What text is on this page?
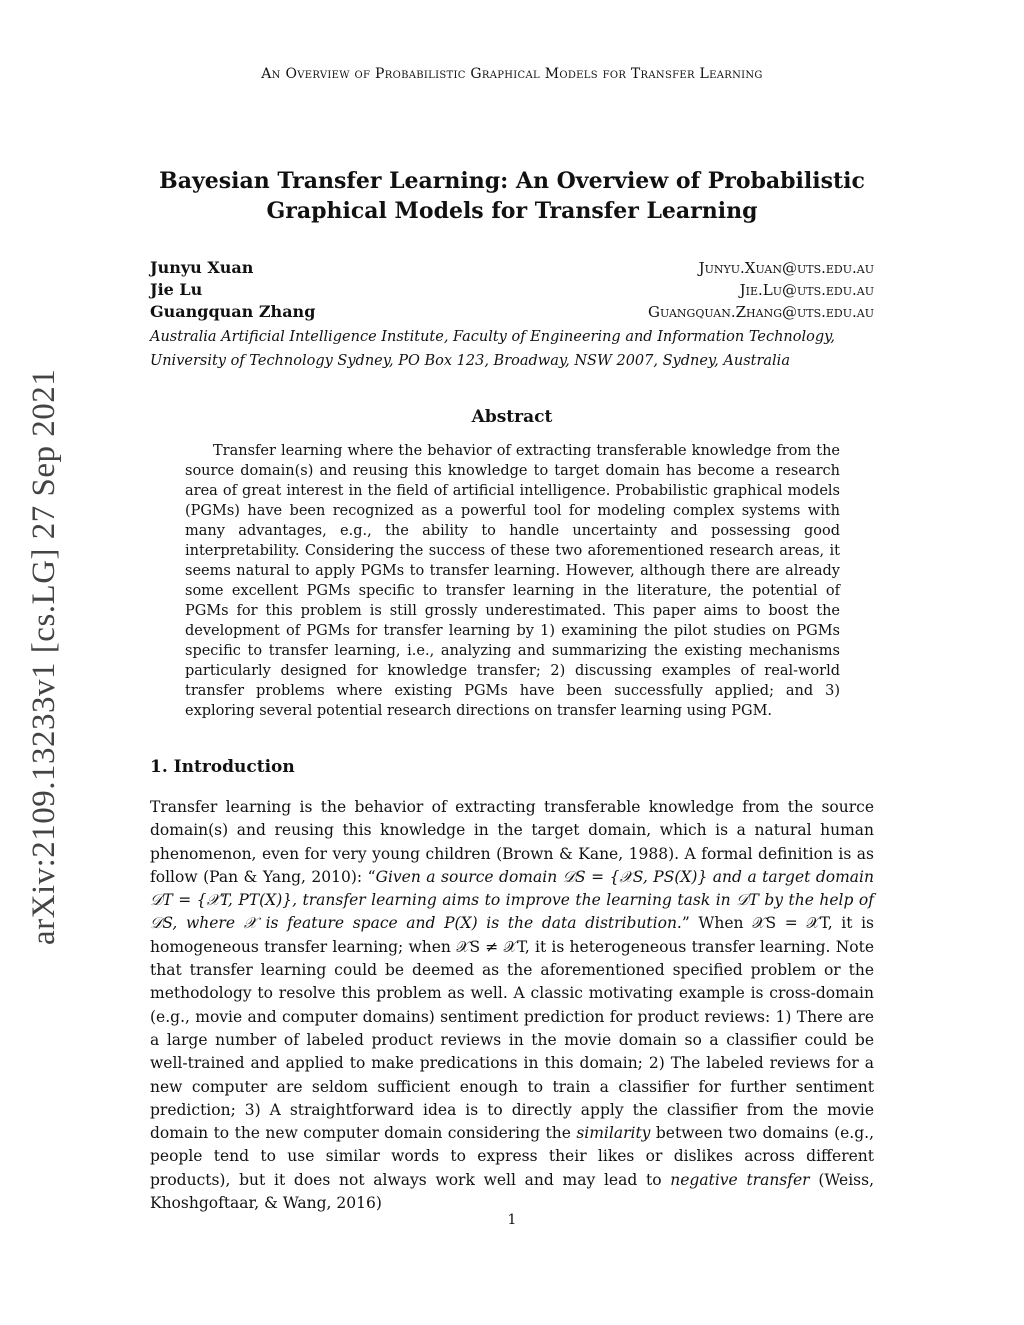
An Overview of Probabilistic Graphical Models for Transfer Learning
arXiv:2109.13233v1 [cs.LG] 27 Sep 2021
Bayesian Transfer Learning: An Overview of Probabilistic Graphical Models for Transfer Learning
Junyu Xuan	Junyu.Xuan@uts.edu.au
Jie Lu	Jie.Lu@uts.edu.au
Guangquan Zhang	Guangquan.Zhang@uts.edu.au
Australia Artificial Intelligence Institute, Faculty of Engineering and Information Technology, University of Technology Sydney, PO Box 123, Broadway, NSW 2007, Sydney, Australia
Abstract

Transfer learning where the behavior of extracting transferable knowledge from the source domain(s) and reusing this knowledge to target domain has become a research area of great interest in the field of artificial intelligence. Probabilistic graphical models (PGMs) have been recognized as a powerful tool for modeling complex systems with many advantages, e.g., the ability to handle uncertainty and possessing good interpretability. Considering the success of these two aforementioned research areas, it seems natural to apply PGMs to transfer learning. However, although there are already some excellent PGMs specific to transfer learning in the literature, the potential of PGMs for this problem is still grossly underestimated. This paper aims to boost the development of PGMs for transfer learning by 1) examining the pilot studies on PGMs specific to transfer learning, i.e., analyzing and summarizing the existing mechanisms particularly designed for knowledge transfer; 2) discussing examples of real-world transfer problems where existing PGMs have been successfully applied; and 3) exploring several potential research directions on transfer learning using PGM.

1. Introduction

Transfer learning is the behavior of extracting transferable knowledge from the source domain(s) and reusing this knowledge in the target domain, which is a natural human phenomenon, even for very young children (Brown & Kane, 1988). A formal definition is as follow (Pan & Yang, 2010): “Given a source domain 𝒟S = {𝒳S, PS(X)} and a target domain 𝒟T = {𝒳T, PT(X)}, transfer learning aims to improve the learning task in 𝒟T by the help of 𝒟S, where 𝒳 is feature space and P(X) is the data distribution.” When 𝒳S = 𝒳T, it is homogeneous transfer learning; when 𝒳S ≠ 𝒳T, it is heterogeneous transfer learning. Note that transfer learning could be deemed as the aforementioned specified problem or the methodology to resolve this problem as well. A classic motivating example is cross-domain (e.g., movie and computer domains) sentiment prediction for product reviews: 1) There are a large number of labeled product reviews in the movie domain so a classifier could be well-trained and applied to make predications in this domain; 2) The labeled reviews for a new computer are seldom sufficient enough to train a classifier for further sentiment prediction; 3) A straightforward idea is to directly apply the classifier from the movie domain to the new computer domain considering the similarity between two domains (e.g., people tend to use similar words to express their likes or dislikes across different products), but it does not always work well and may lead to negative transfer (Weiss, Khoshgoftaar, & Wang, 2016)

1
